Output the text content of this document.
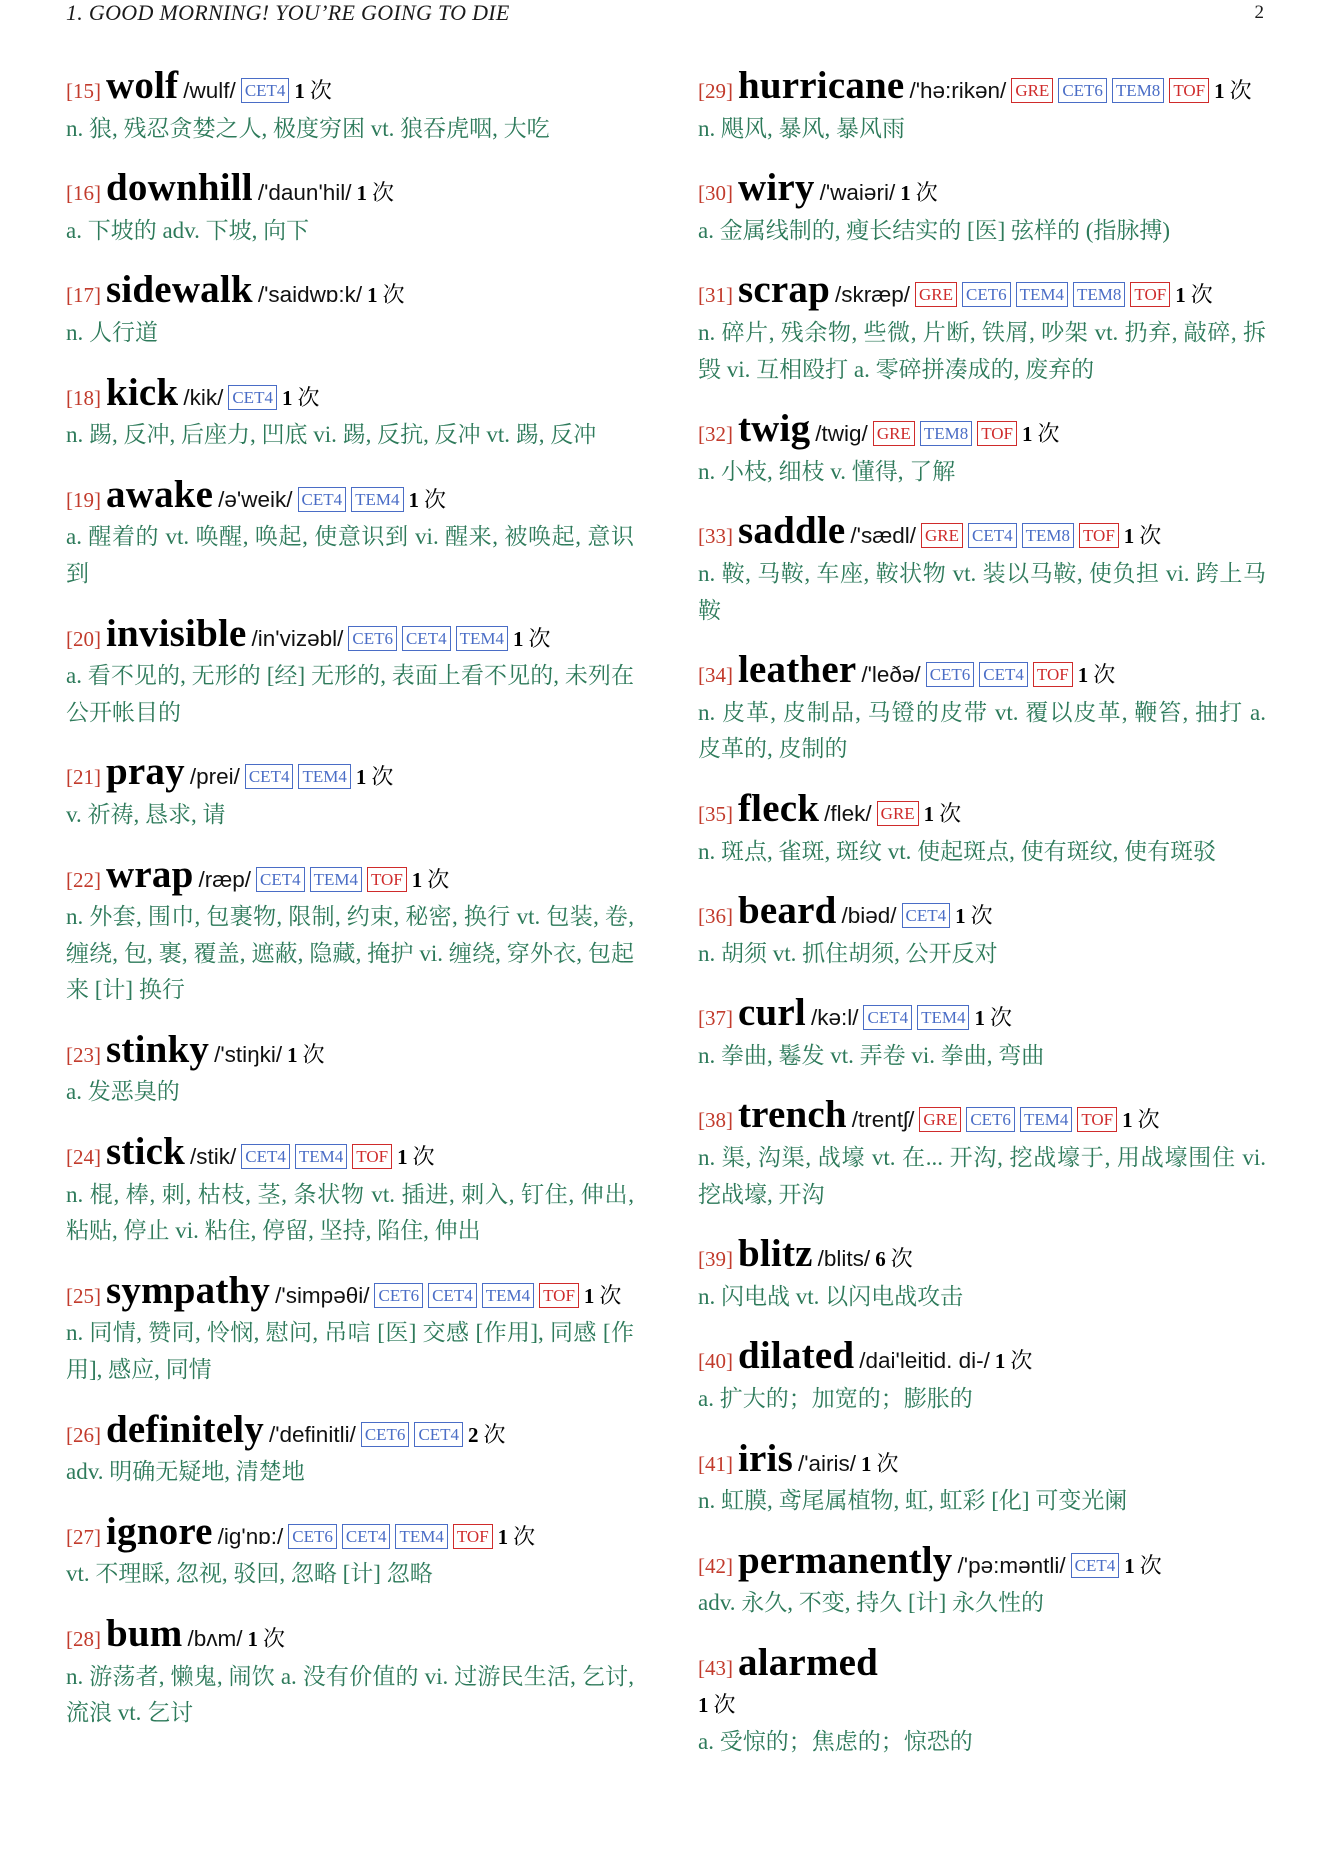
1. GOOD MORNING! YOU’RE GOING TO DIE	2
[15] wolf /wulf/ CET4 1 次
n. 狼, 残忍贪婪之人, 极度穷困 vt. 狼吞虎咽, 大吃
[16] downhill /'daun'hil/ 1 次
a. 下坡的 adv. 下坡, 向下
[17] sidewalk /'saidwɒ:k/ 1 次
n. 人行道
[18] kick /kik/ CET4 1 次
n. 踢, 反冲, 后座力, 凹底 vi. 踢, 反抗, 反冲 vt. 踢, 反冲
[19] awake /ə'weik/ CET4 TEM4 1 次
a. 醒着的 vt. 唤醒, 唤起, 使意识到 vi. 醒来, 被唤起, 意识到
[20] invisible /in'vizəbl/ CET6 CET4 TEM4 1 次
a. 看不见的, 无形的 [经] 无形的, 表面上看不见的, 未列在公开帐目的
[21] pray /prei/ CET4 TEM4 1 次
v. 祈祷, 恳求, 请
[22] wrap /ræp/ CET4 TEM4 TOF 1 次
n. 外套, 围巾, 包裹物, 限制, 约束, 秘密, 换行 vt. 包装, 卷, 缠绕, 包, 裹, 覆盖, 遮蔽, 隐藏, 掩护 vi. 缠绕, 穿外衣, 包起来 [计] 换行
[23] stinky /'stiŋki/ 1 次
a. 发恶臭的
[24] stick /stik/ CET4 TEM4 TOF 1 次
n. 棍, 棒, 刺, 枯枝, 茎, 条状物 vt. 插进, 刺入, 钉住, 伸出, 粘贴, 停止 vi. 粘住, 停留, 坚持, 陷住, 伸出
[25] sympathy /'simpəθi/ CET6 CET4 TEM4 TOF 1 次
n. 同情, 赞同, 怜悯, 慰问, 吊唁 [医] 交感 [作用], 同感 [作用], 感应, 同情
[26] definitely /'definitli/ CET6 CET4 2 次
adv. 明确无疑地, 清楚地
[27] ignore /ig'nɒ:/ CET6 CET4 TEM4 TOF 1 次
vt. 不理睬, 忽视, 驳回, 忽略 [计] 忽略
[28] bum /bʌm/ 1 次
n. 游荡者, 懒鬼, 闹饮 a. 没有价值的 vi. 过游民生活, 乞讨, 流浪 vt. 乞讨
[29] hurricane /'hə:rikən/ GRE CET6 TEM8 TOF 1 次
n. 飓风, 暴风, 暴风雨
[30] wiry /'waiəri/ 1 次
a. 金属线制的, 瘦长结实的 [医] 弦样的 (指脉搏)
[31] scrap /skræp/ GRE CET6 TEM4 TEM8 TOF 1 次
n. 碎片, 残余物, 些微, 片断, 铁屑, 吵架 vt. 扔弃, 敲碎, 拆毁 vi. 互相殴打 a. 零碎拼凑成的, 废弃的
[32] twig /twig/ GRE TEM8 TOF 1 次
n. 小枝, 细枝 v. 懂得, 了解
[33] saddle /'sædl/ GRE CET4 TEM8 TOF 1 次
n. 鞍, 马鞍, 车座, 鞍状物 vt. 装以马鞍, 使负担 vi. 跨上马鞍
[34] leather /'leðə/ CET6 CET4 TOF 1 次
n. 皮革, 皮制品, 马镫的皮带 vt. 覆以皮革, 鞭笞, 抽打 a. 皮革的, 皮制的
[35] fleck /flek/ GRE 1 次
n. 斑点, 雀斑, 斑纹 vt. 使起斑点, 使有斑纹, 使有斑驳
[36] beard /biəd/ CET4 1 次
n. 胡须 vt. 抓住胡须, 公开反对
[37] curl /kə:l/ CET4 TEM4 1 次
n. 拳曲, 鬈发 vt. 弄卷 vi. 拳曲, 弯曲
[38] trench /trentʃ/ GRE CET6 TEM4 TOF 1 次
n. 渠, 沟渠, 战壕 vt. 在... 开沟, 挖战壕于, 用战壕围住 vi. 挖战壕, 开沟
[39] blitz /blits/ 6 次
n. 闪电战 vt. 以闪电战攻击
[40] dilated /dai'leitid. di-/ 1 次
a. 扩大的；加宽的；膨胀的
[41] iris /'airis/ 1 次
n. 虹膜, 鸢尾属植物, 虹, 虹彩 [化] 可变光阑
[42] permanently /'pə:məntli/ CET4 1 次
adv. 永久, 不变, 持久 [计] 永久性的
[43] alarmed
1 次
a. 受惊的；焦虑的；惊恐的
